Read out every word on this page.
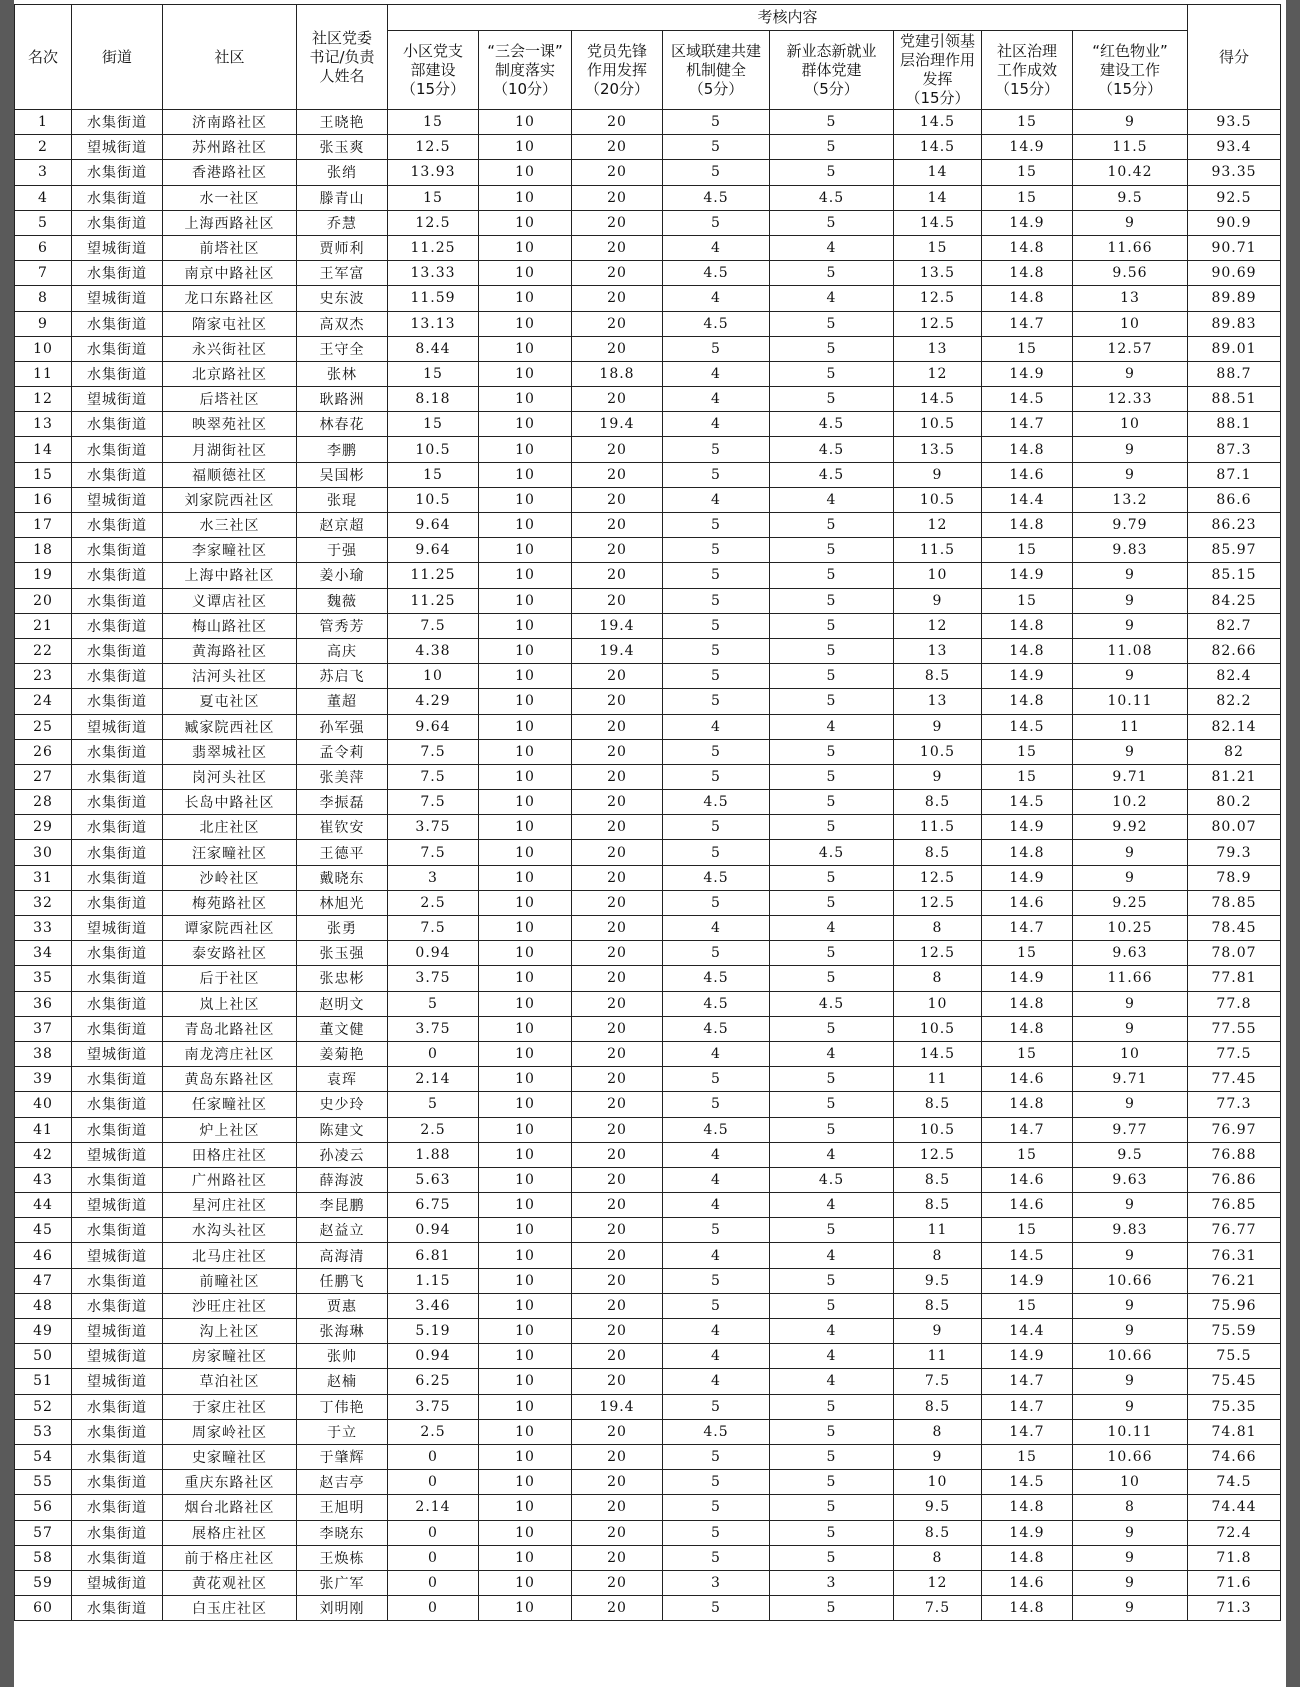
名次	街道	社区	社区党委
书记/负责
人姓名	考核内容								得分

				小区党支
部建设
（15分）	“三会一课”
制度落实
（10分）	党员先锋
作用发挥
（20分）	区域联建共建
机制健全
（5分）	新业态新就业
群体党建
（5分）	党建引领基
层治理作用
发挥
（15分）	社区治理
工作成效
（15分）	“红色物业”
建设工作
（15分）	

1	水集街道	济南路社区	王晓艳	15	10	20	5	5	14.5	15	9	93.5
2	望城街道	苏州路社区	张玉爽	12.5	10	20	5	5	14.5	14.9	11.5	93.4
3	水集街道	香港路社区	张绡	13.93	10	20	5	5	14	15	10.42	93.35
4	水集街道	水一社区	滕青山	15	10	20	4.5	4.5	14	15	9.5	92.5
5	水集街道	上海西路社区	乔慧	12.5	10	20	5	5	14.5	14.9	9	90.9
6	望城街道	前塔社区	贾师利	11.25	10	20	4	4	15	14.8	11.66	90.71
7	水集街道	南京中路社区	王军富	13.33	10	20	4.5	5	13.5	14.8	9.56	90.69
8	望城街道	龙口东路社区	史东波	11.59	10	20	4	4	12.5	14.8	13	89.89
9	水集街道	隋家屯社区	高双杰	13.13	10	20	4.5	5	12.5	14.7	10	89.83
10	水集街道	永兴街社区	王守全	8.44	10	20	5	5	13	15	12.57	89.01
11	水集街道	北京路社区	张林	15	10	18.8	4	5	12	14.9	9	88.7
12	望城街道	后塔社区	耿路洲	8.18	10	20	4	5	14.5	14.5	12.33	88.51
13	水集街道	映翠苑社区	林春花	15	10	19.4	4	4.5	10.5	14.7	10	88.1
14	水集街道	月湖街社区	李鹏	10.5	10	20	5	4.5	13.5	14.8	9	87.3
15	水集街道	福顺德社区	吴国彬	15	10	20	5	4.5	9	14.6	9	87.1
16	望城街道	刘家院西社区	张琨	10.5	10	20	4	4	10.5	14.4	13.2	86.6
17	水集街道	水三社区	赵京超	9.64	10	20	5	5	12	14.8	9.79	86.23
18	水集街道	李家疃社区	于强	9.64	10	20	5	5	11.5	15	9.83	85.97
19	水集街道	上海中路社区	姜小瑜	11.25	10	20	5	5	10	14.9	9	85.15
20	水集街道	义谭店社区	魏薇	11.25	10	20	5	5	9	15	9	84.25
21	水集街道	梅山路社区	管秀芳	7.5	10	19.4	5	5	12	14.8	9	82.7
22	水集街道	黄海路社区	高庆	4.38	10	19.4	5	5	13	14.8	11.08	82.66
23	水集街道	沽河头社区	苏启飞	10	10	20	5	5	8.5	14.9	9	82.4
24	水集街道	夏屯社区	董超	4.29	10	20	5	5	13	14.8	10.11	82.2
25	望城街道	臧家院西社区	孙军强	9.64	10	20	4	4	9	14.5	11	82.14
26	水集街道	翡翠城社区	孟令莉	7.5	10	20	5	5	10.5	15	9	82
27	水集街道	岗河头社区	张美萍	7.5	10	20	5	5	9	15	9.71	81.21
28	水集街道	长岛中路社区	李振磊	7.5	10	20	4.5	5	8.5	14.5	10.2	80.2
29	水集街道	北庄社区	崔钦安	3.75	10	20	5	5	11.5	14.9	9.92	80.07
30	水集街道	汪家疃社区	王德平	7.5	10	20	5	4.5	8.5	14.8	9	79.3
31	水集街道	沙岭社区	戴晓东	3	10	20	4.5	5	12.5	14.9	9	78.9
32	水集街道	梅苑路社区	林旭光	2.5	10	20	5	5	12.5	14.6	9.25	78.85
33	望城街道	谭家院西社区	张勇	7.5	10	20	4	4	8	14.7	10.25	78.45
34	水集街道	泰安路社区	张玉强	0.94	10	20	5	5	12.5	15	9.63	78.07
35	水集街道	后于社区	张忠彬	3.75	10	20	4.5	5	8	14.9	11.66	77.81
36	水集街道	岚上社区	赵明文	5	10	20	4.5	4.5	10	14.8	9	77.8
37	水集街道	青岛北路社区	董文健	3.75	10	20	4.5	5	10.5	14.8	9	77.55
38	望城街道	南龙湾庄社区	姜菊艳	0	10	20	4	4	14.5	15	10	77.5
39	水集街道	黄岛东路社区	袁珲	2.14	10	20	5	5	11	14.6	9.71	77.45
40	水集街道	任家疃社区	史少玲	5	10	20	5	5	8.5	14.8	9	77.3
41	水集街道	炉上社区	陈建文	2.5	10	20	4.5	5	10.5	14.7	9.77	76.97
42	望城街道	田格庄社区	孙凌云	1.88	10	20	4	4	12.5	15	9.5	76.88
43	水集街道	广州路社区	薛海波	5.63	10	20	4	4.5	8.5	14.6	9.63	76.86
44	望城街道	星河庄社区	李昆鹏	6.75	10	20	4	4	8.5	14.6	9	76.85
45	水集街道	水沟头社区	赵益立	0.94	10	20	5	5	11	15	9.83	76.77
46	望城街道	北马庄社区	高海清	6.81	10	20	4	4	8	14.5	9	76.31
47	水集街道	前疃社区	任鹏飞	1.15	10	20	5	5	9.5	14.9	10.66	76.21
48	水集街道	沙旺庄社区	贾惠	3.46	10	20	5	5	8.5	15	9	75.96
49	望城街道	沟上社区	张海琳	5.19	10	20	4	4	9	14.4	9	75.59
50	望城街道	房家疃社区	张帅	0.94	10	20	4	4	11	14.9	10.66	75.5
51	望城街道	草泊社区	赵楠	6.25	10	20	4	4	7.5	14.7	9	75.45
52	水集街道	于家庄社区	丁伟艳	3.75	10	19.4	5	5	8.5	14.7	9	75.35
53	水集街道	周家岭社区	于立	2.5	10	20	4.5	5	8	14.7	10.11	74.81
54	水集街道	史家疃社区	于肇辉	0	10	20	5	5	9	15	10.66	74.66
55	水集街道	重庆东路社区	赵吉亭	0	10	20	5	5	10	14.5	10	74.5
56	水集街道	烟台北路社区	王旭明	2.14	10	20	5	5	9.5	14.8	8	74.44
57	水集街道	展格庄社区	李晓东	0	10	20	5	5	8.5	14.9	9	72.4
58	水集街道	前于格庄社区	王焕栋	0	10	20	5	5	8	14.8	9	71.8
59	望城街道	黄花观社区	张广军	0	10	20	3	3	12	14.6	9	71.6
60	水集街道	白玉庄社区	刘明刚	0	10	20	5	5	7.5	14.8	9	71.3
